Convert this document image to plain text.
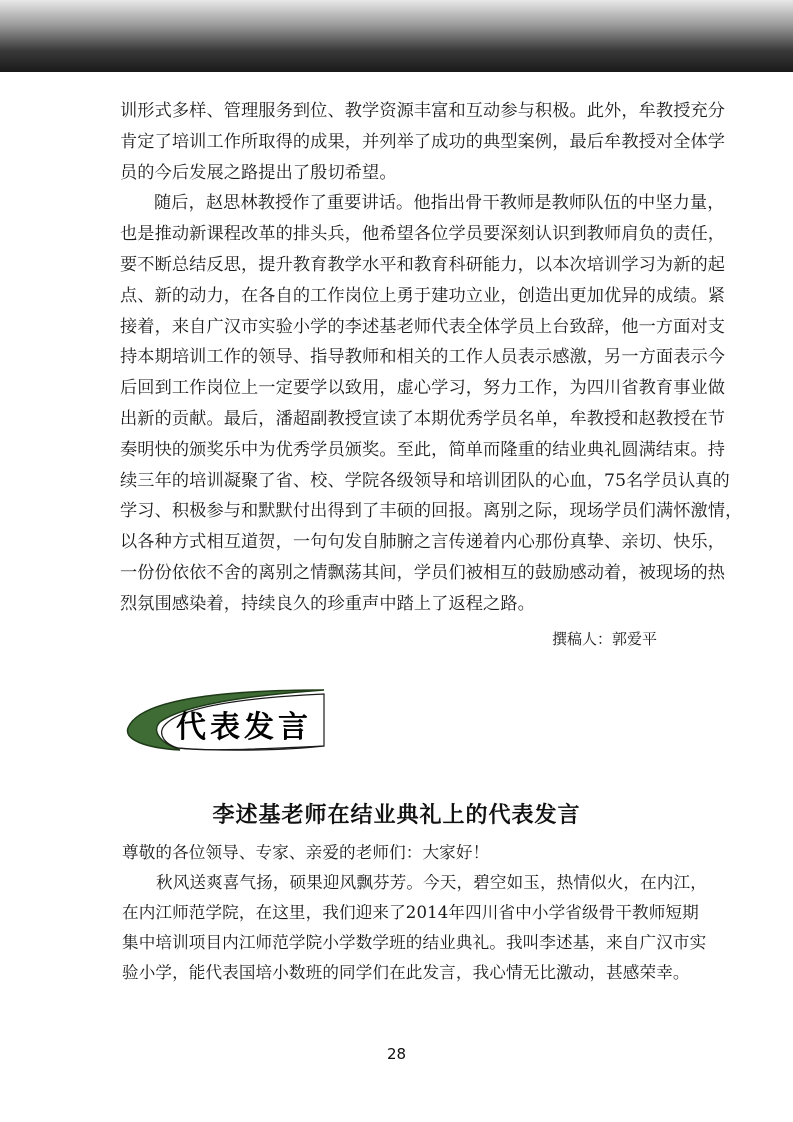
训形式多样、管理服务到位、教学资源丰富和互动参与积极。此外，牟教授充分
肯定了培训工作所取得的成果，并列举了成功的典型案例，最后牟教授对全体学
员的今后发展之路提出了殷切希望。
随后，赵思林教授作了重要讲话。他指出骨干教师是教师队伍的中坚力量，
也是推动新课程改革的排头兵，他希望各位学员要深刻认识到教师肩负的责任，
要不断总结反思，提升教育教学水平和教育科研能力，以本次培训学习为新的起
点、新的动力，在各自的工作岗位上勇于建功立业，创造出更加优异的成绩。紧
接着，来自广汉市实验小学的李述基老师代表全体学员上台致辞，他一方面对支
持本期培训工作的领导、指导教师和相关的工作人员表示感激，另一方面表示今
后回到工作岗位上一定要学以致用，虚心学习，努力工作，为四川省教育事业做
出新的贡献。最后，潘超副教授宣读了本期优秀学员名单，牟教授和赵教授在节
奏明快的颁奖乐中为优秀学员颁奖。至此，简单而隆重的结业典礼圆满结束。持
续三年的培训凝聚了省、校、学院各级领导和培训团队的心血，75名学员认真的
学习、积极参与和默默付出得到了丰硕的回报。离别之际，现场学员们满怀激情，
以各种方式相互道贺，一句句发自肺腑之言传递着内心那份真挚、亲切、快乐，
一份份依依不舍的离别之情飘荡其间，学员们被相互的鼓励感动着，被现场的热
烈氛围感染着，持续良久的珍重声中踏上了返程之路。
撰稿人：郭爱平
代表发言
李述基老师在结业典礼上的代表发言
尊敬的各位领导、专家、亲爱的老师们：大家好！
秋风送爽喜气扬，硕果迎风飘芬芳。今天，碧空如玉，热情似火，在内江，
在内江师范学院，在这里，我们迎来了2014年四川省中小学省级骨干教师短期
集中培训项目内江师范学院小学数学班的结业典礼。我叫李述基，来自广汉市实
验小学，能代表国培小数班的同学们在此发言，我心情无比激动，甚感荣幸。
28
